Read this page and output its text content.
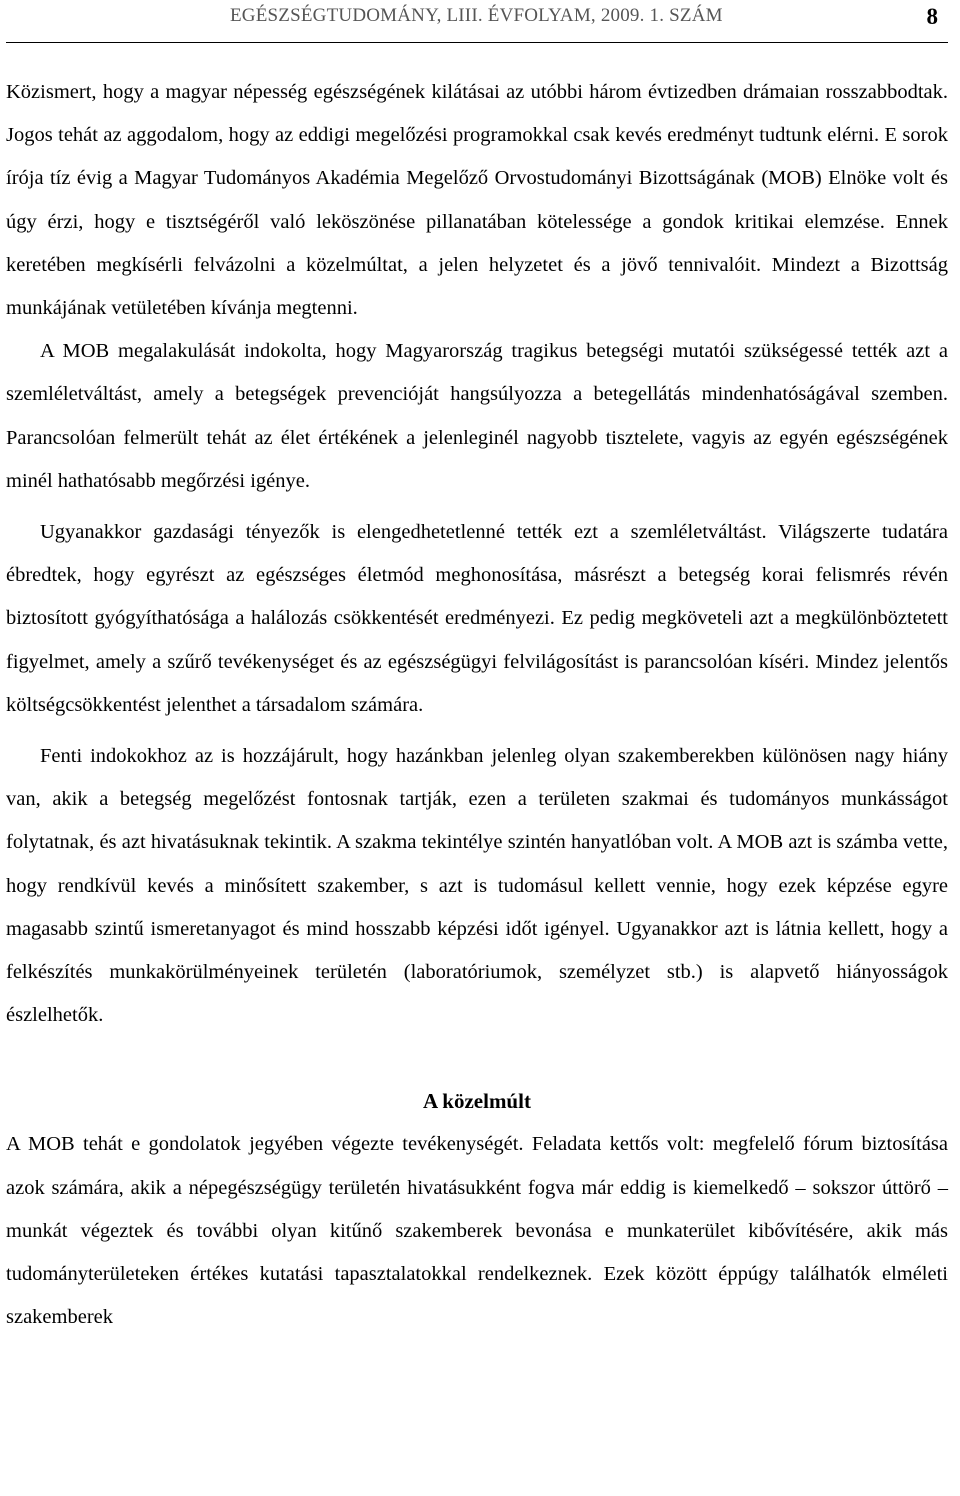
EGÉSZSÉGTUDOMÁNY, LIII. ÉVFOLYAM, 2009. 1. SZÁM	8

Közismert, hogy a magyar népesség egészségének kilátásai az utóbbi három évtizedben drámaian rosszabbodtak. Jogos tehát az aggodalom, hogy az eddigi megelőzési programokkal csak kevés eredményt tudtunk elérni. E sorok írója tíz évig a Magyar Tudományos Akadémia Megelőző Orvostudományi Bizottságának (MOB) Elnöke volt és úgy érzi, hogy e tisztségéről való leköszönése pillanatában kötelessége a gondok kritikai elemzése. Ennek keretében megkísérli felvázolni a közelmúltat, a jelen helyzetet és a jövő tennivalóit. Mindezt a Bizottság munkájának vetületében kívánja megtenni.

A MOB megalakulását indokolta, hogy Magyarország tragikus betegségi mutatói szükségessé tették azt a szemléletváltást, amely a betegségek prevencióját hangsúlyozza a betegellátás mindenhatóságával szemben. Parancsolóan felmerült tehát az élet értékének a jelenleginél nagyobb tisztelete, vagyis az egyén egészségének minél hathatósabb megőrzési igénye.

Ugyanakkor gazdasági tényezők is elengedhetetlenné tették ezt a szemléletváltást. Világszerte tudatára ébredtek, hogy egyrészt az egészséges életmód meghonosítása, másrészt a betegség korai felismrés révén biztosított gyógyíthatósága a halálozás csökkentését eredményezi. Ez pedig megköveteli azt a megkülönböztetett figyelmet, amely a szűrő tevékenységet és az egészségügyi felvilágosítást is parancsolóan kíséri. Mindez jelentős költségcsökkentést jelenthet a társadalom számára.

Fenti indokokhoz az is hozzájárult, hogy hazánkban jelenleg olyan szakemberekben különösen nagy hiány van, akik a betegség megelőzést fontosnak tartják, ezen a területen szakmai és tudományos munkásságot folytatnak, és azt hivatásuknak tekintik. A szakma tekintélye szintén hanyatlóban volt. A MOB azt is számba vette, hogy rendkívül kevés a minősített szakember, s azt is tudomásul kellett vennie, hogy ezek képzése egyre magasabb szintű ismeretanyagot és mind hosszabb képzési időt igényel. Ugyanakkor azt is látnia kellett, hogy a felkészítés munkakörülményeinek területén (laboratóriumok, személyzet stb.) is alapvető hiányosságok észlelhetők.

A közelmúlt

A MOB tehát e gondolatok jegyében végezte tevékenységét. Feladata kettős volt: megfelelő fórum biztosítása azok számára, akik a népegészségügy területén hivatásukként fogva már eddig is kiemelkedő – sokszor úttörő – munkát végeztek és további olyan kitűnő szakemberek bevonása e munkaterület kibővítésére, akik más tudományterületeken értékes kutatási tapasztalatokkal rendelkeznek. Ezek között éppúgy találhatók elméleti szakemberek
